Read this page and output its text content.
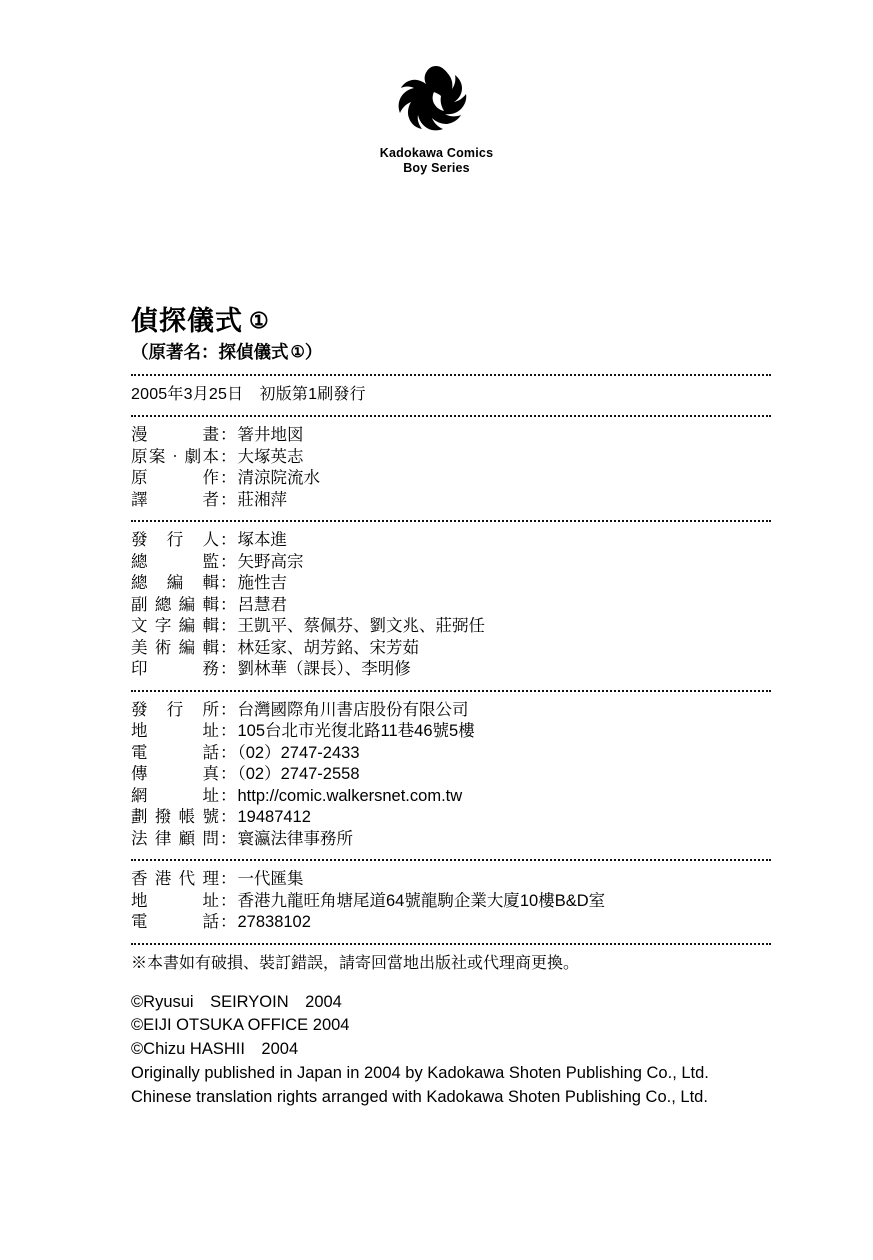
Kadokawa Comics
Boy Series
偵探儀式 ①
（原著名：探偵儀式 ①）
2005年3月25日　初版第1刷發行
漫　　畫：箸井地図
原案‧劇本：大塚英志
原　　作：清涼院流水
譯　　者：莊湘萍
發 行 人：塚本進
總　　監：矢野高宗
總 編 輯：施性吉
副總編輯：呂慧君
文字編輯：王凱平、蔡佩芬、劉文兆、莊弼任
美術編輯：林廷家、胡芳銘、宋芳茹
印　　務：劉林華（課長）、李明修
發 行 所：台灣國際角川書店股份有限公司
地　　址：105台北市光復北路11巷46號5樓
電　　話：（02）2747-2433
傳　　真：（02）2747-2558
網　　址：http://comic.walkersnet.com.tw
劃撥帳號：19487412
法律顧問：寰瀛法律事務所
香港代理：一代匯集
地　　址：香港九龍旺角塘尾道64號龍駒企業大廈10樓B&D室
電　　話：27838102
※本書如有破損、裝訂錯誤，請寄回當地出版社或代理商更換。
©Ryusui　SEIRYOIN　2004
©EIJI OTSUKA OFFICE 2004
©Chizu HASHII　2004
Originally published in Japan in 2004 by Kadokawa Shoten Publishing Co., Ltd.
Chinese translation rights arranged with Kadokawa Shoten Publishing Co., Ltd.
